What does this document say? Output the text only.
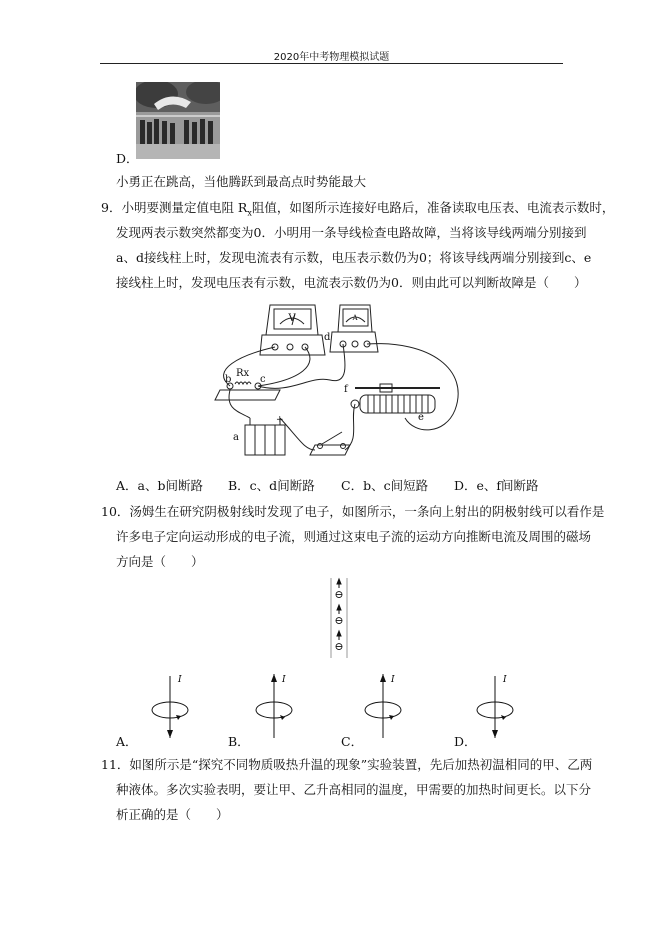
2020年中考物理模拟试题
D．
小勇正在跳高，当他腾跃到最高点时势能最大
9．小明要测量定值电阻 $R_x$阻值，如图所示连接好电路后，准备读取电压表、电流表示数时，
发现两表示数突然都变为0．小明用一条导线检查电路故障，当将该导线两端分别接到
a、d接线柱上时，发现电流表有示数，电压表示数仍为0；将该导线两端分别接到c、e
接线柱上时，发现电压表有示数，电流表示数仍为0．则由此可以判断故障是（　　）
V	A
Rx
b	c
d
a
f
e
+
A．a、b间断路 B．c、d间断路 C．b、c间短路 D．e、f间断路
10．汤姆生在研究阴极射线时发现了电子，如图所示，一条向上射出的阴极射线可以看作是
许多电子定向运动形成的电子流，则通过这束电子流的运动方向推断电流及周围的磁场
方向是（　　）
⊖
⊖
⊖
I	I	I	I
A．	B．	C．	D．
11．如图所示是“探究不同物质吸热升温的现象”实验装置，先后加热初温相同的甲、乙两
种液体。多次实验表明，要让甲、乙升高相同的温度，甲需要的加热时间更长。以下分
析正确的是（　　）
